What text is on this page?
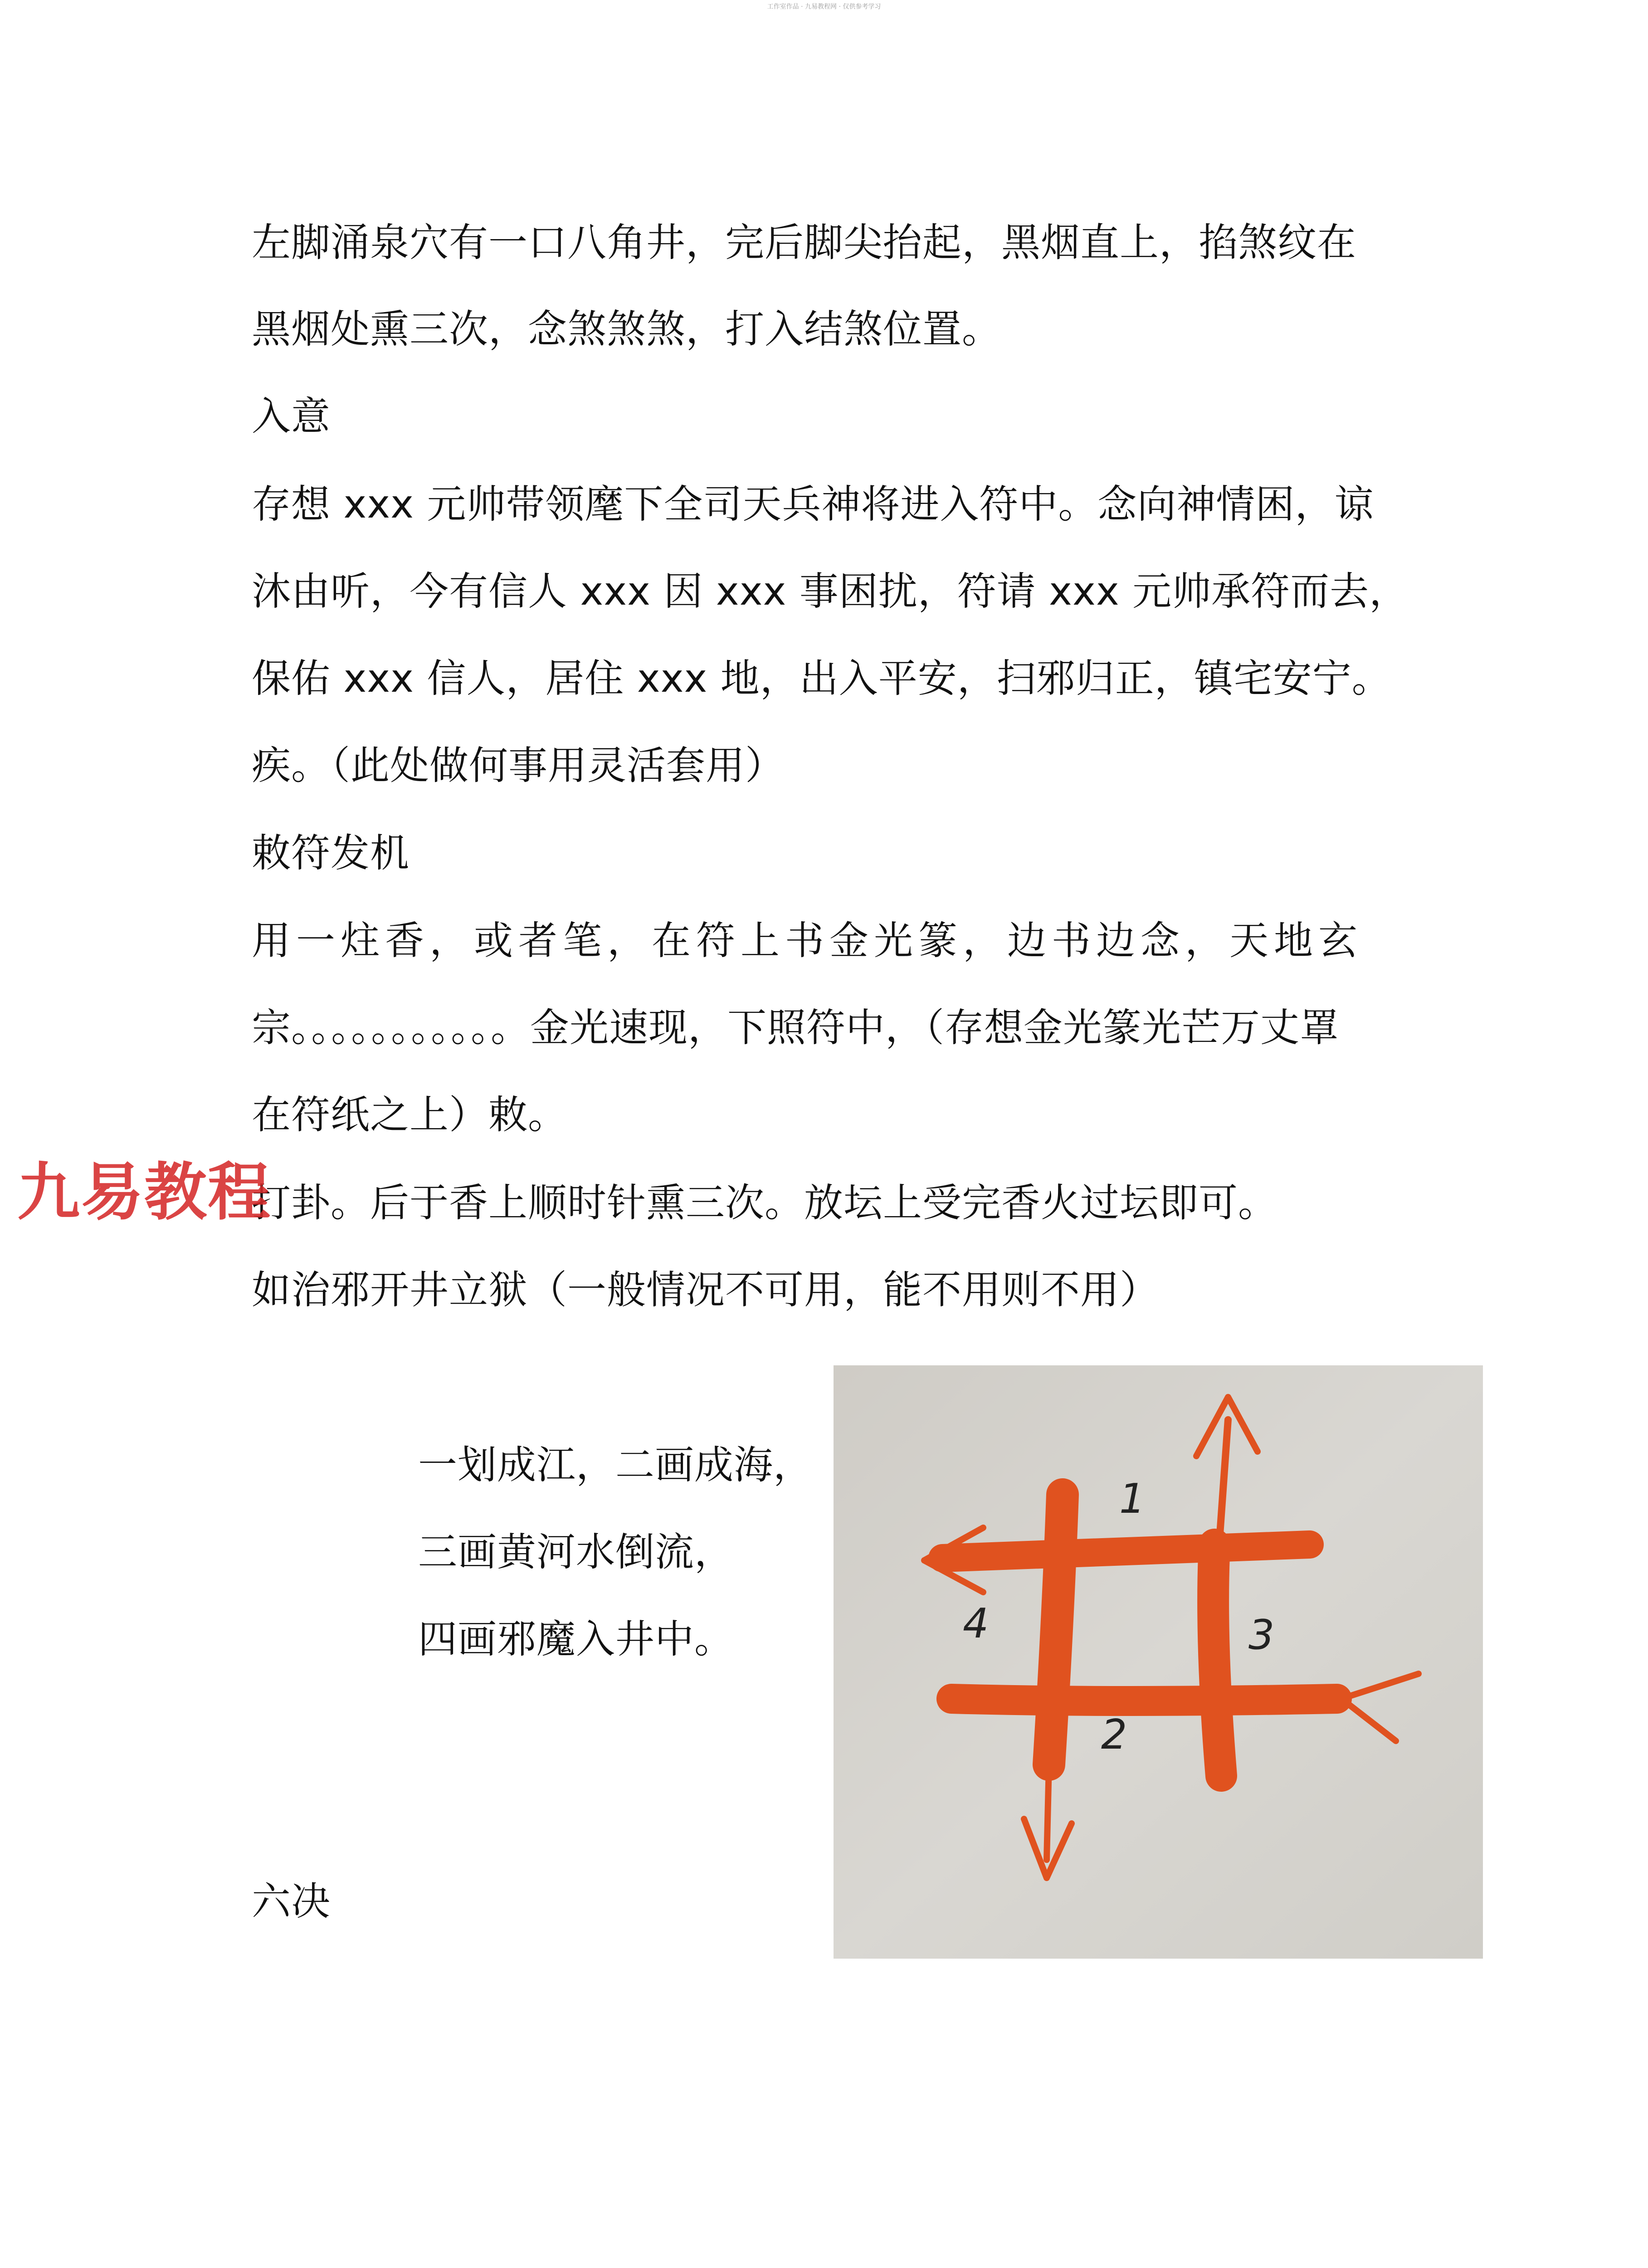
工作室作品 · 九易教程网 · 仅供参考学习
左脚涌泉穴有一口八角井，完后脚尖抬起，黑烟直上，掐煞纹在
黑烟处熏三次，念煞煞煞，打入结煞位置。
入意
存想 xxx 元帅带领麾下全司天兵神将进入符中。念向神情困，谅
沐由听，今有信人 xxx 因 xxx 事困扰，符请 xxx 元帅承符而去，
保佑 xxx 信人，居住 xxx 地，出入平安，扫邪归正，镇宅安宁。
疾。（此处做何事用灵活套用）
敕符发机
用一炷香，或者笔，在符上书金光篆，边书边念，天地玄
宗。。。。。。。。。。。金光速现，下照符中，（存想金光篆光芒万丈罩
在符纸之上）敕。
打卦。后于香上顺时针熏三次。放坛上受完香火过坛即可。
如治邪开井立狱（一般情况不可用，能不用则不用）
一划成江，二画成海，
三画黄河水倒流，
四画邪魔入井中。
六决
1
2
3
4
九易教程
